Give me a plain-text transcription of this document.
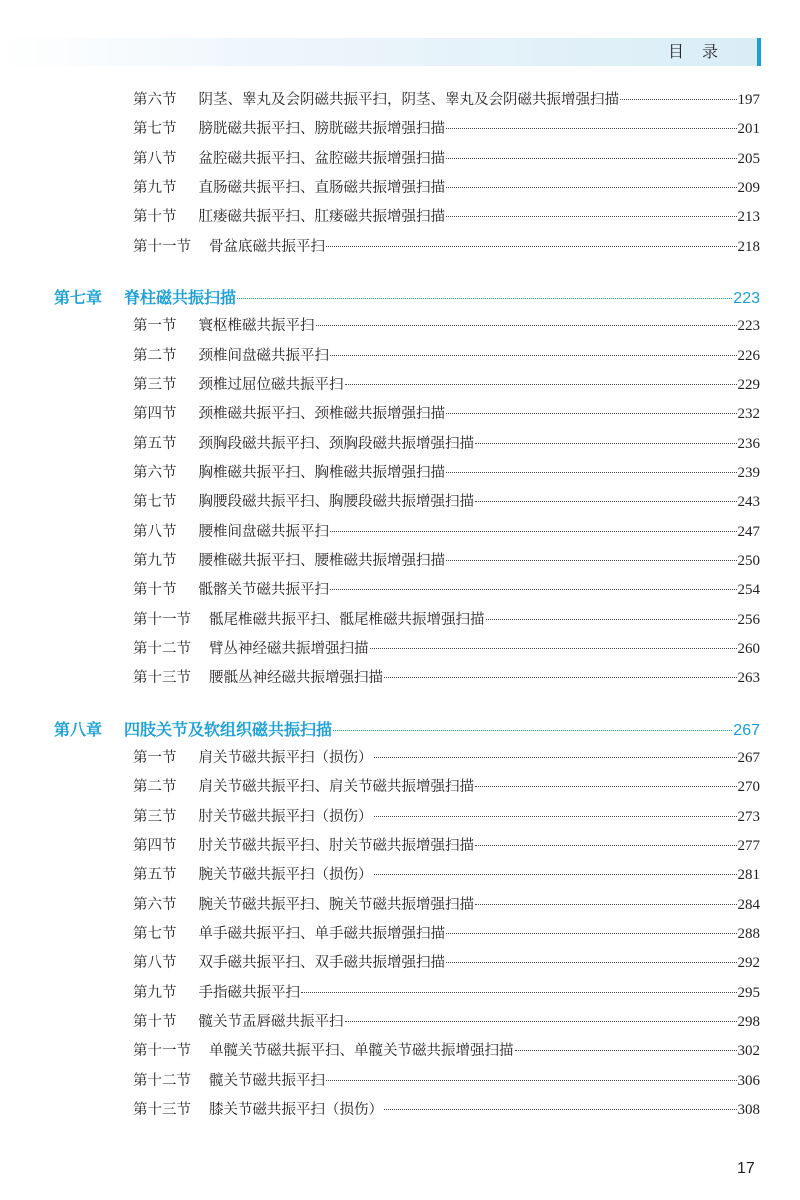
目录
第六节 阴茎、睾丸及会阴磁共振平扫，阴茎、睾丸及会阴磁共振增强扫描	197
第七节 膀胱磁共振平扫、膀胱磁共振增强扫描	201
第八节 盆腔磁共振平扫、盆腔磁共振增强扫描	205
第九节 直肠磁共振平扫、直肠磁共振增强扫描	209
第十节 肛瘘磁共振平扫、肛瘘磁共振增强扫描	213
第十一节 骨盆底磁共振平扫	218
第七章 脊柱磁共振扫描	223
第一节 寰枢椎磁共振平扫	223
第二节 颈椎间盘磁共振平扫	226
第三节 颈椎过屈位磁共振平扫	229
第四节 颈椎磁共振平扫、颈椎磁共振增强扫描	232
第五节 颈胸段磁共振平扫、颈胸段磁共振增强扫描	236
第六节 胸椎磁共振平扫、胸椎磁共振增强扫描	239
第七节 胸腰段磁共振平扫、胸腰段磁共振增强扫描	243
第八节 腰椎间盘磁共振平扫	247
第九节 腰椎磁共振平扫、腰椎磁共振增强扫描	250
第十节 骶髂关节磁共振平扫	254
第十一节 骶尾椎磁共振平扫、骶尾椎磁共振增强扫描	256
第十二节 臂丛神经磁共振增强扫描	260
第十三节 腰骶丛神经磁共振增强扫描	263
第八章 四肢关节及软组织磁共振扫描	267
第一节 肩关节磁共振平扫（损伤）	267
第二节 肩关节磁共振平扫、肩关节磁共振增强扫描	270
第三节 肘关节磁共振平扫（损伤）	273
第四节 肘关节磁共振平扫、肘关节磁共振增强扫描	277
第五节 腕关节磁共振平扫（损伤）	281
第六节 腕关节磁共振平扫、腕关节磁共振增强扫描	284
第七节 单手磁共振平扫、单手磁共振增强扫描	288
第八节 双手磁共振平扫、双手磁共振增强扫描	292
第九节 手指磁共振平扫	295
第十节 髋关节盂唇磁共振平扫	298
第十一节 单髋关节磁共振平扫、单髋关节磁共振增强扫描	302
第十二节 髋关节磁共振平扫	306
第十三节 膝关节磁共振平扫（损伤）	308
17
